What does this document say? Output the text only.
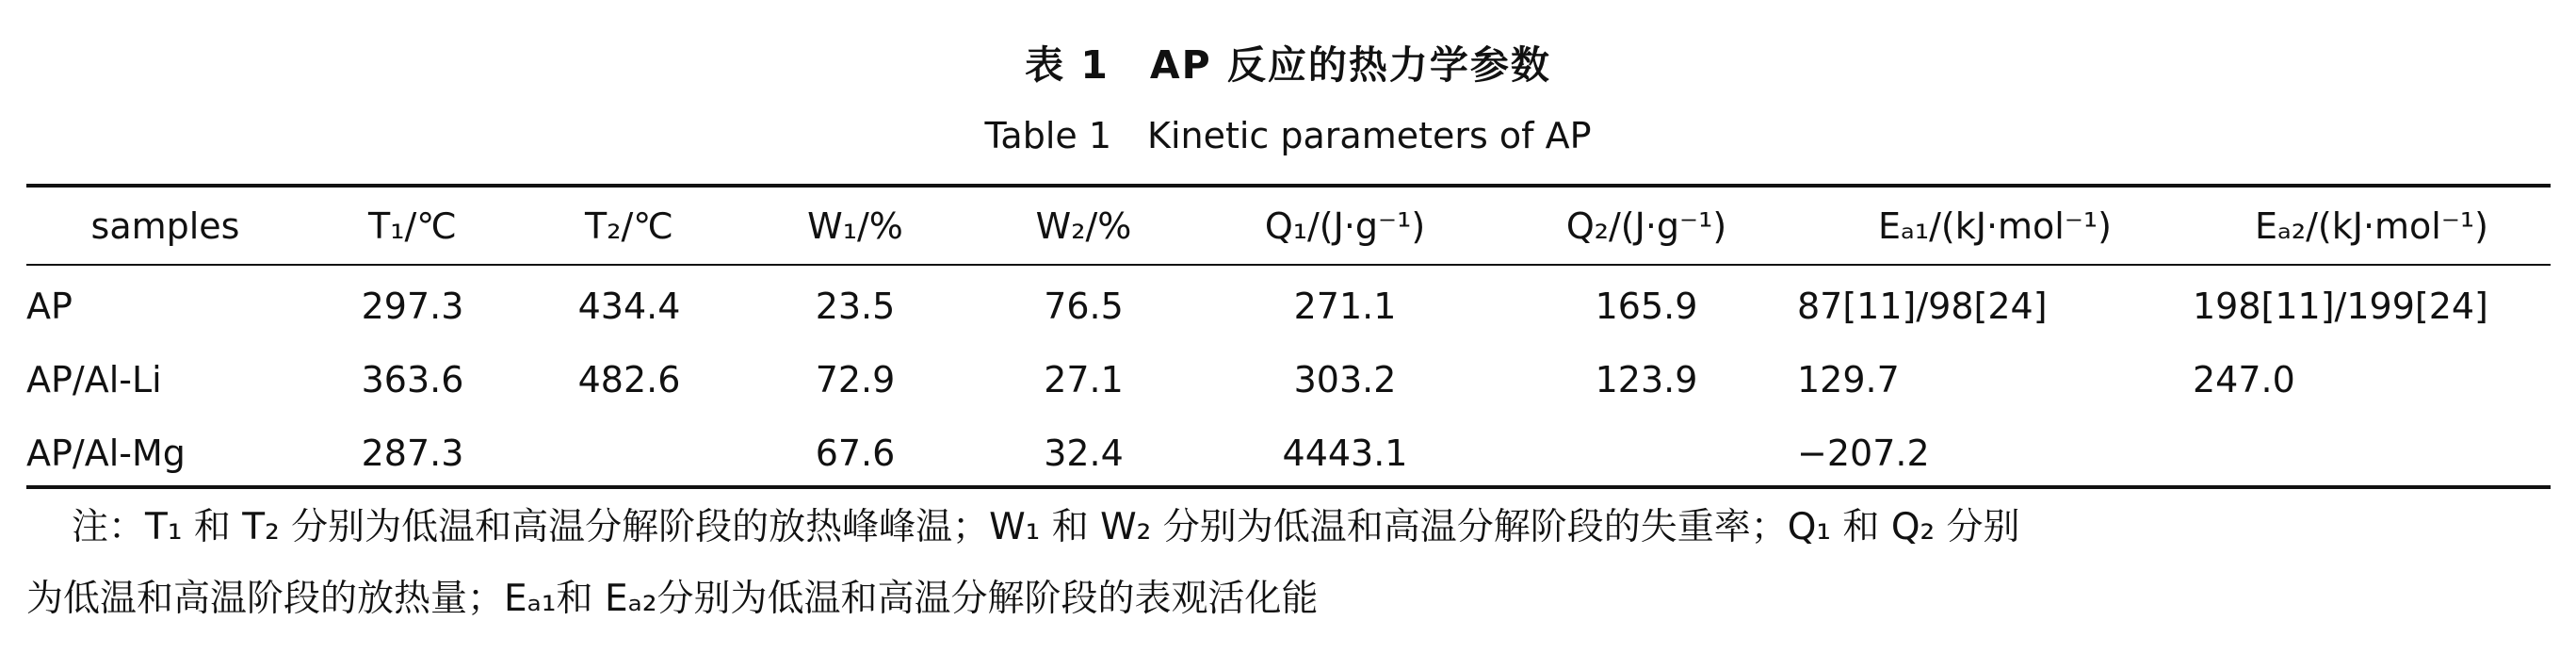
表 1　AP 反应的热力学参数
Table 1　Kinetic parameters of AP
samples	T₁/℃	T₂/℃	W₁/%	W₂/%	Q₁/(J·g⁻¹)	Q₂/(J·g⁻¹)	Eₐ₁/(kJ·mol⁻¹)	Eₐ₂/(kJ·mol⁻¹)
AP	297.3	434.4	23.5	76.5	271.1	165.9	87[11]/98[24]	198[11]/199[24]
AP/Al-Li	363.6	482.6	72.9	27.1	303.2	123.9	129.7	247.0
AP/Al-Mg	287.3		67.6	32.4	4443.1		−207.2	
注：T₁ 和 T₂ 分别为低温和高温分解阶段的放热峰峰温；W₁ 和 W₂ 分别为低温和高温分解阶段的失重率；Q₁ 和 Q₂ 分别
为低温和高温阶段的放热量；Eₐ₁和 Eₐ₂分别为低温和高温分解阶段的表观活化能
